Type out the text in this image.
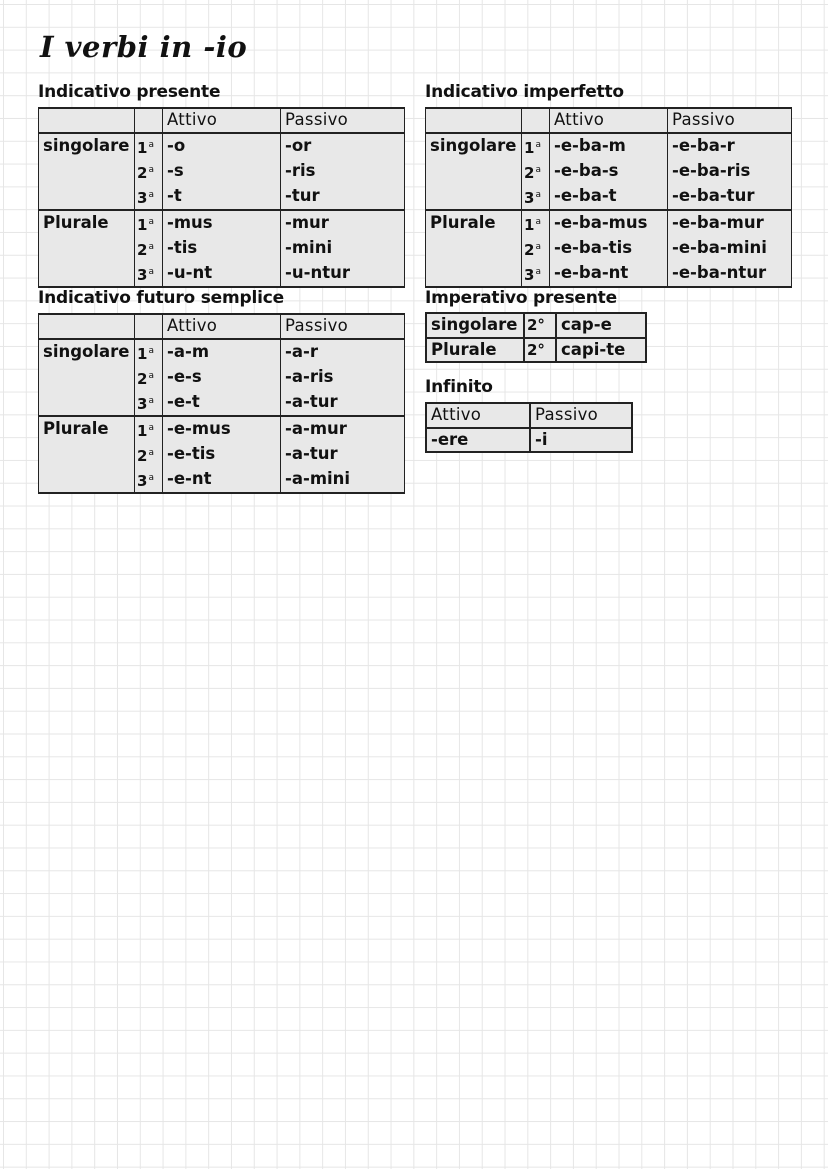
I verbi in -io
Indicativo presente
		Attivo	Passivo
singolare	1$^a$	-o	-or
	2$^a$	-s	-ris
	3$^a$	-t	-tur
Plurale	1$^a$	-mus	-mur
	2$^a$	-tis	-mini
	3$^a$	-u-nt	-u-ntur
Indicativo imperfetto
		Attivo	Passivo
singolare	1$^a$	-e-ba-m	-e-ba-r
	2$^a$	-e-ba-s	-e-ba-ris
	3$^a$	-e-ba-t	-e-ba-tur
Plurale	1$^a$	-e-ba-mus	-e-ba-mur
	2$^a$	-e-ba-tis	-e-ba-mini
	3$^a$	-e-ba-nt	-e-ba-ntur
Indicativo futuro semplice
		Attivo	Passivo
singolare	1$^a$	-a-m	-a-r
	2$^a$	-e-s	-a-ris
	3$^a$	-e-t	-a-tur
Plurale	1$^a$	-e-mus	-a-mur
	2$^a$	-e-tis	-a-tur
	3$^a$	-e-nt	-a-mini
Imperativo presente
singolare	2°	cap-e
Plurale	2°	capi-te
Infinito
Attivo	Passivo
-ere	-i
